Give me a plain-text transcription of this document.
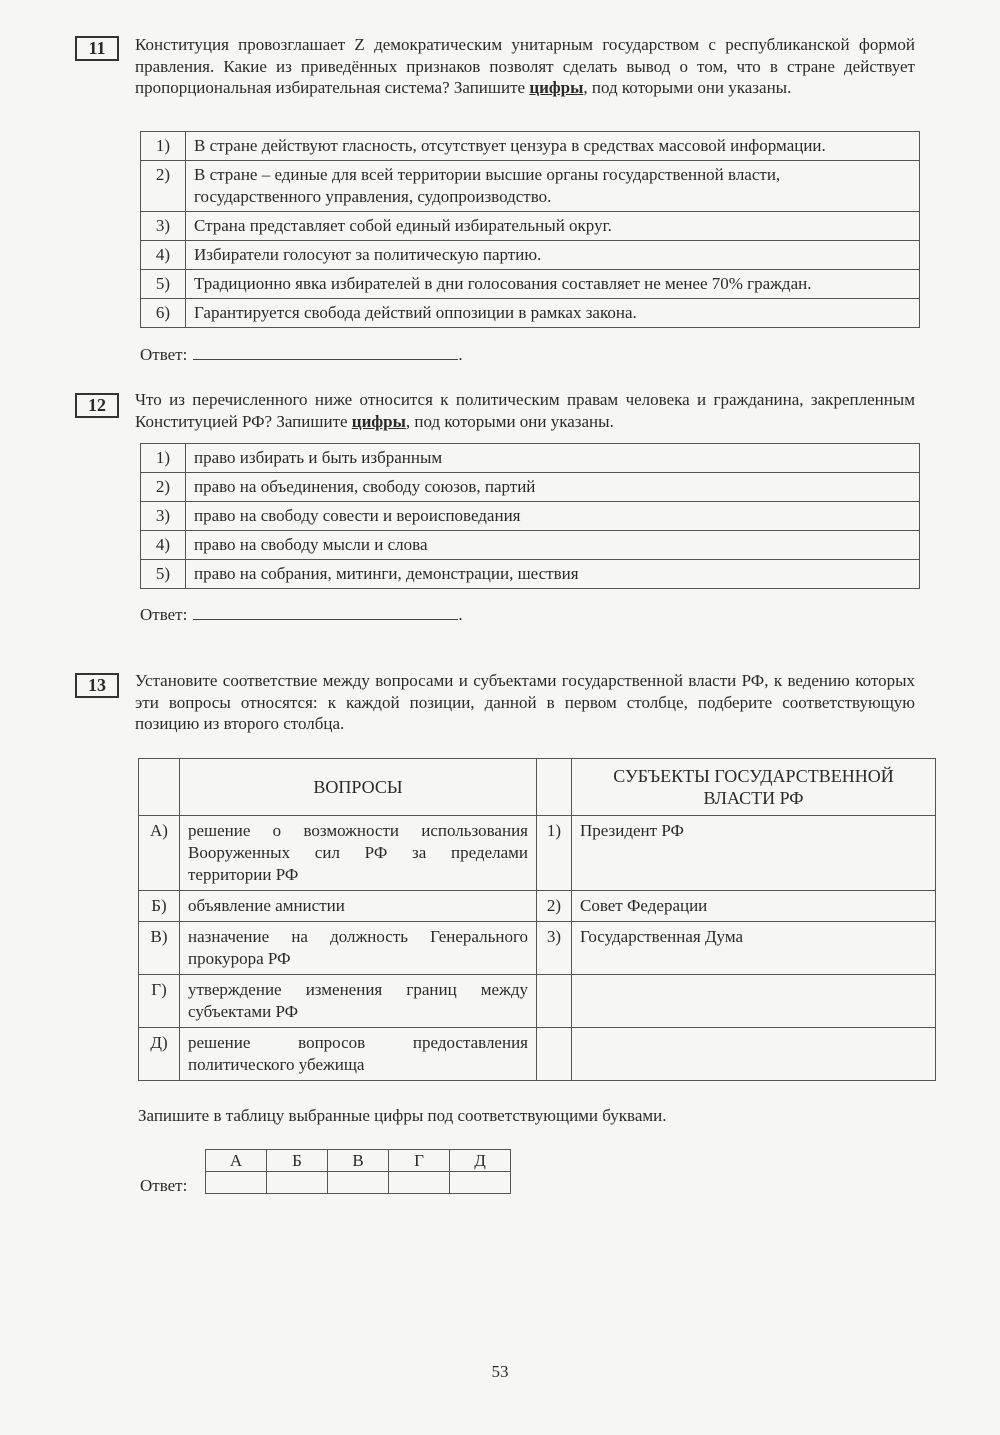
11	Конституция провозглашает Z демократическим унитарным государством с республиканской формой правления. Какие из приведённых признаков позволят сделать вывод о том, что в стране действует пропорциональная избирательная система? Запишите цифры, под которыми они указаны.
1)	В стране действуют гласность, отсутствует цензура в средствах массовой информации.
2)	В стране – единые для всей территории высшие органы государственной власти, государственного управления, судопроизводство.
3)	Страна представляет собой единый избирательный округ.
4)	Избиратели голосуют за политическую партию.
5)	Традиционно явка избирателей в дни голосования составляет не менее 70% граждан.
6)	Гарантируется свобода действий оппозиции в рамках закона.
Ответ:	.
12	Что из перечисленного ниже относится к политическим правам человека и гражданина, закрепленным Конституцией РФ? Запишите цифры, под которыми они указаны.
1)	право избирать и быть избранным
2)	право на объединения, свободу союзов, партий
3)	право на свободу совести и вероисповедания
4)	право на свободу мысли и слова
5)	право на собрания, митинги, демонстрации, шествия
Ответ:	.
13	Установите соответствие между вопросами и субъектами государственной власти РФ, к ведению которых эти вопросы относятся: к каждой позиции, данной в первом столбце, подберите соответствующую позицию из второго столбца.
	ВОПРОСЫ		СУБЪЕКТЫ ГОСУДАРСТВЕННОЙ ВЛАСТИ РФ
А)	решение о возможности использования Вооруженных сил РФ за пределами территории РФ	1)	Президент РФ
Б)	объявление амнистии	2)	Совет Федерации
В)	назначение на должность Генерального прокурора РФ	3)	Государственная Дума
Г)	утверждение изменения границ между субъектами РФ		
Д)	решение вопросов предоставления политического убежища		
Запишите в таблицу выбранные цифры под соответствующими буквами.
Ответ:
А	Б	В	Г	Д

53
